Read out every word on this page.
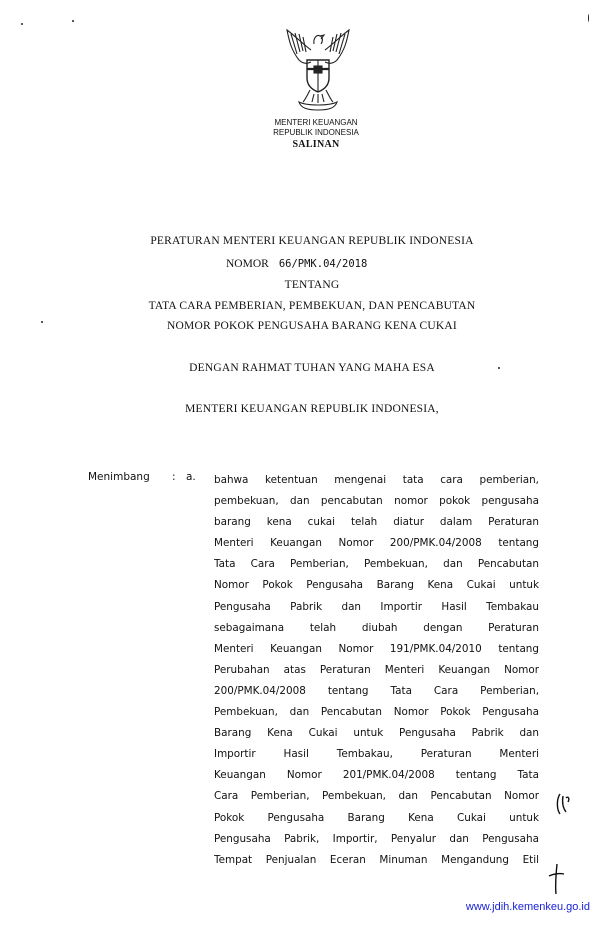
MENTERI KEUANGAN
REPUBLIK INDONESIA
SALINAN
PERATURAN MENTERI KEUANGAN REPUBLIK INDONESIA
NOMOR 66/PMK.04/2018
TENTANG
TATA CARA PEMBERIAN, PEMBEKUAN, DAN PENCABUTAN
NOMOR POKOK PENGUSAHA BARANG KENA CUKAI
DENGAN RAHMAT TUHAN YANG MAHA ESA
MENTERI KEUANGAN REPUBLIK INDONESIA,
Menimbang : a. bahwa ketentuan mengenai tata cara pemberian,
pembekuan, dan pencabutan nomor pokok pengusaha
barang kena cukai telah diatur dalam Peraturan
Menteri Keuangan Nomor 200/PMK.04/2008 tentang
Tata Cara Pemberian, Pembekuan, dan Pencabutan
Nomor Pokok Pengusaha Barang Kena Cukai untuk
Pengusaha Pabrik dan Importir Hasil Tembakau
sebagaimana telah diubah dengan Peraturan
Menteri Keuangan Nomor 191/PMK.04/2010 tentang
Perubahan atas Peraturan Menteri Keuangan Nomor
200/PMK.04/2008 tentang Tata Cara Pemberian,
Pembekuan, dan Pencabutan Nomor Pokok Pengusaha
Barang Kena Cukai untuk Pengusaha Pabrik dan
Importir Hasil Tembakau, Peraturan Menteri
Keuangan Nomor 201/PMK.04/2008 tentang Tata
Cara Pemberian, Pembekuan, dan Pencabutan Nomor
Pokok Pengusaha Barang Kena Cukai untuk
Pengusaha Pabrik, Importir, Penyalur dan Pengusaha
Tempat Penjualan Eceran Minuman Mengandung Etil
www.jdih.kemenkeu.go.id
